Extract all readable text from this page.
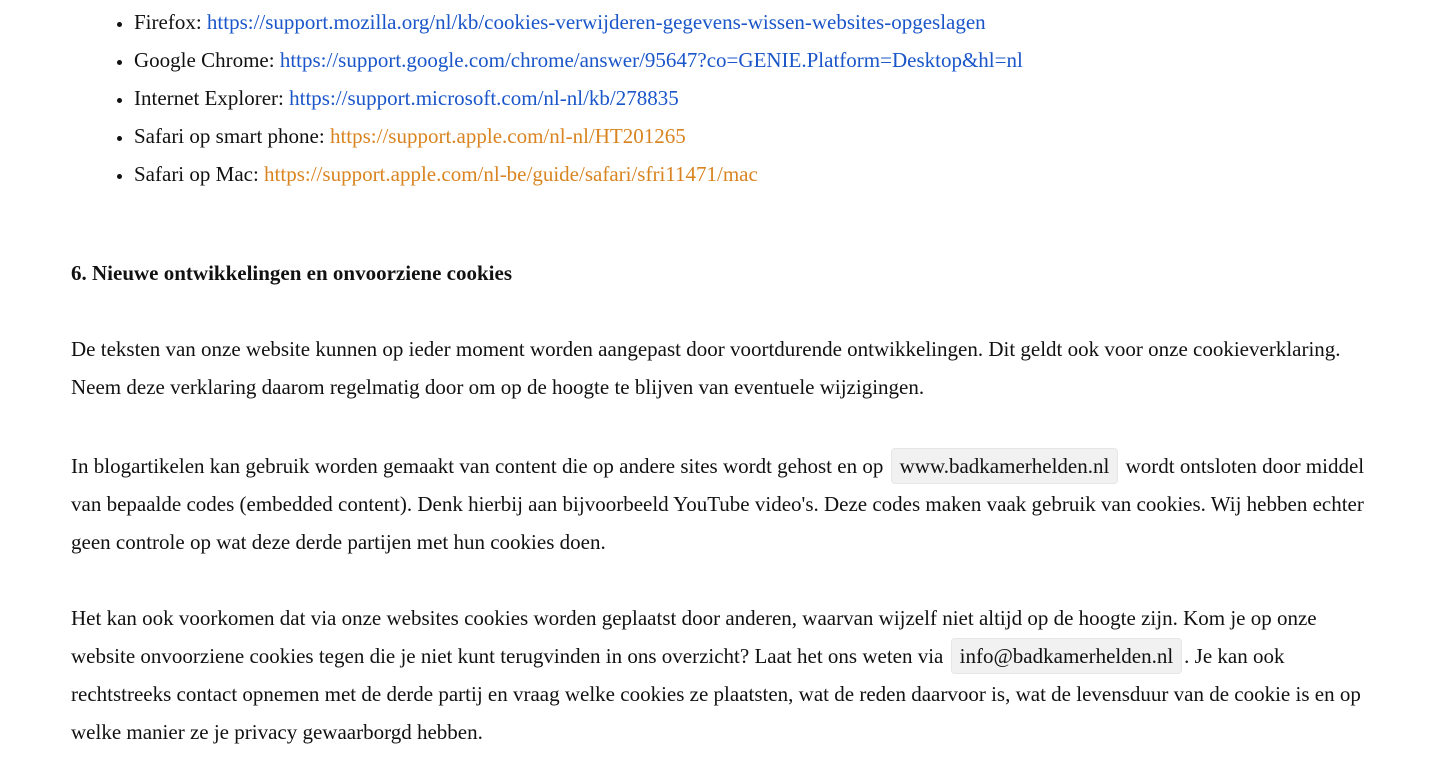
• Firefox: https://support.mozilla.org/nl/kb/cookies-verwijderen-gegevens-wissen-websites-opgeslagen
• Google Chrome: https://support.google.com/chrome/answer/95647?co=GENIE.Platform=Desktop&hl=nl
• Internet Explorer: https://support.microsoft.com/nl-nl/kb/278835
• Safari op smart phone: https://support.apple.com/nl-nl/HT201265
• Safari op Mac: https://support.apple.com/nl-be/guide/safari/sfri11471/mac
6. Nieuwe ontwikkelingen en onvoorziene cookies

De teksten van onze website kunnen op ieder moment worden aangepast door voortdurende ontwikkelingen. Dit geldt ook voor onze cookieverklaring. Neem deze verklaring daarom regelmatig door om op de hoogte te blijven van eventuele wijzigingen.

In blogartikelen kan gebruik worden gemaakt van content die op andere sites wordt gehost en op www.badkamerhelden.nl wordt ontsloten door middel van bepaalde codes (embedded content). Denk hierbij aan bijvoorbeeld YouTube video's. Deze codes maken vaak gebruik van cookies. Wij hebben echter geen controle op wat deze derde partijen met hun cookies doen.

Het kan ook voorkomen dat via onze websites cookies worden geplaatst door anderen, waarvan wijzelf niet altijd op de hoogte zijn. Kom je op onze website onvoorziene cookies tegen die je niet kunt terugvinden in ons overzicht? Laat het ons weten via info@badkamerhelden.nl . Je kan ook rechtstreeks contact opnemen met de derde partij en vraag welke cookies ze plaatsten, wat de reden daarvoor is, wat de levensduur van de cookie is en op welke manier ze je privacy gewaarborgd hebben.
